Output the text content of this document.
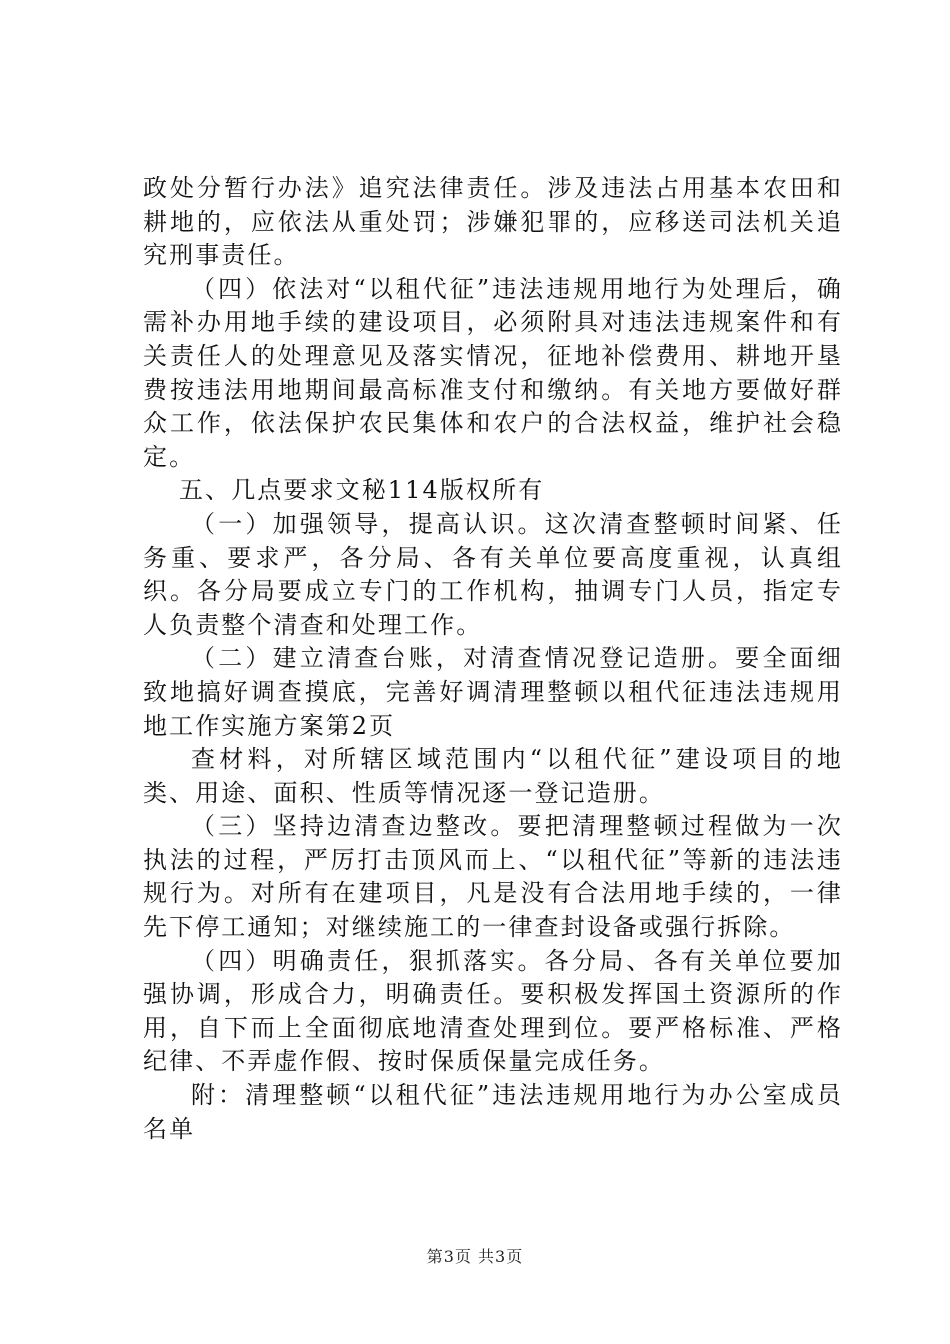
政处分暂行办法》追究法律责任。涉及违法占用基本农田和耕地的，应依法从重处罚；涉嫌犯罪的，应移送司法机关追究刑事责任。

（四）依法对“以租代征”违法违规用地行为处理后，确需补办用地手续的建设项目，必须附具对违法违规案件和有关责任人的处理意见及落实情况，征地补偿费用、耕地开垦费按违法用地期间最高标准支付和缴纳。有关地方要做好群众工作，依法保护农民集体和农户的合法权益，维护社会稳定。

五、几点要求文秘114版权所有

（一）加强领导，提高认识。这次清查整顿时间紧、任务重、要求严，各分局、各有关单位要高度重视，认真组织。各分局要成立专门的工作机构，抽调专门人员，指定专人负责整个清查和处理工作。

（二）建立清查台账，对清查情况登记造册。要全面细致地搞好调查摸底，完善好调清理整顿以租代征违法违规用地工作实施方案第2页

查材料，对所辖区域范围内“以租代征”建设项目的地类、用途、面积、性质等情况逐一登记造册。

（三）坚持边清查边整改。要把清理整顿过程做为一次执法的过程，严厉打击顶风而上、“以租代征”等新的违法违规行为。对所有在建项目，凡是没有合法用地手续的，一律先下停工通知；对继续施工的一律查封设备或强行拆除。

（四）明确责任，狠抓落实。各分局、各有关单位要加强协调，形成合力，明确责任。要积极发挥国土资源所的作用，自下而上全面彻底地清查处理到位。要严格标准、严格纪律、不弄虚作假、按时保质保量完成任务。

附：清理整顿“以租代征”违法违规用地行为办公室成员名单

第3页 共3页
